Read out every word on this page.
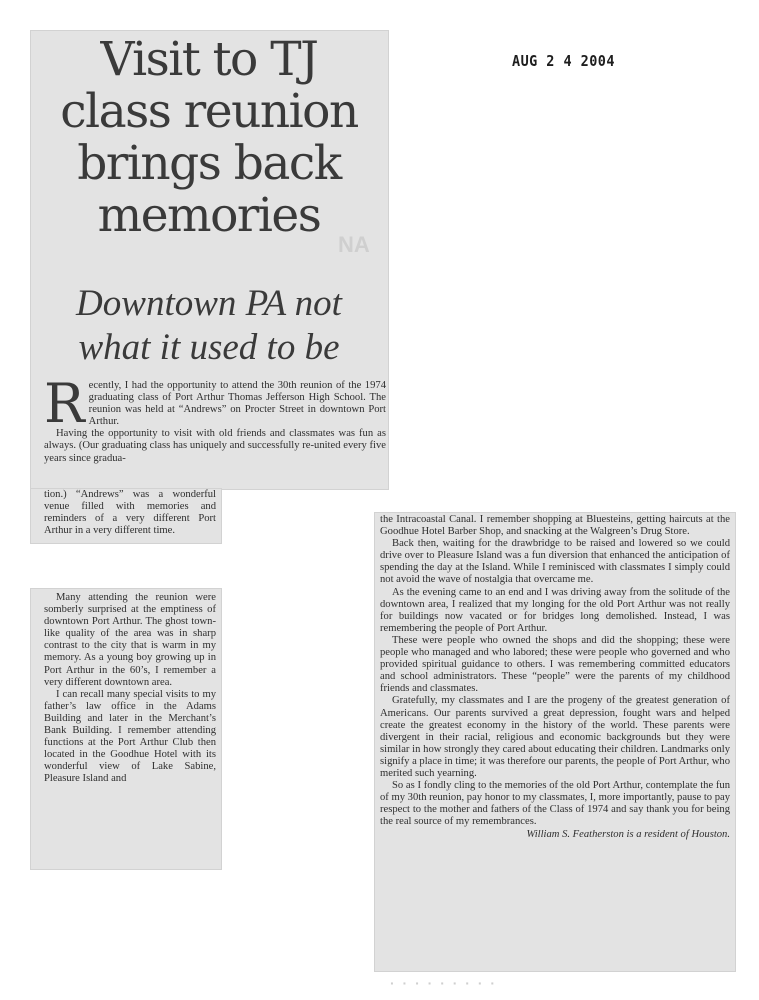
NA
AUG 2 4 2004
Visit to TJ
class reunion
brings back
memories
Downtown PA not
what it used to be

Recently, I had the opportunity to attend the 30th reunion of the 1974 graduating class of Port Arthur Thomas Jefferson High School. The reunion was held at “Andrews” on Procter Street in downtown Port Arthur.

Having the opportunity to visit with old friends and classmates was fun as always. (Our graduating class has uniquely and successfully re-united every five years since gradua-

tion.) “Andrews” was a wonderful venue filled with memories and reminders of a very different Port Arthur in a very different time.

Many attending the reunion were somberly surprised at the emptiness of downtown Port Arthur. The ghost town-like quality of the area was in sharp contrast to the city that is warm in my memory. As a young boy growing up in Port Arthur in the 60’s, I remember a very different downtown area.

I can recall many special visits to my father’s law office in the Adams Building and later in the Merchant’s Bank Building. I remember attending functions at the Port Arthur Club then located in the Goodhue Hotel with its wonderful view of Lake Sabine, Pleasure Island and

the Intracoastal Canal. I remember shopping at Bluesteins, getting haircuts at the Goodhue Hotel Barber Shop, and snacking at the Walgreen’s Drug Store.

Back then, waiting for the drawbridge to be raised and lowered so we could drive over to Pleasure Island was a fun diversion that enhanced the anticipation of spending the day at the Island. While I reminisced with classmates I simply could not avoid the wave of nostalgia that overcame me.

As the evening came to an end and I was driving away from the solitude of the downtown area, I realized that my longing for the old Port Arthur was not really for buildings now vacated or for bridges long demolished. Instead, I was remembering the people of Port Arthur.

These were people who owned the shops and did the shopping; these were people who managed and who labored; these were people who governed and who provided spiritual guidance to others. I was remembering committed educators and school administrators. These “people” were the parents of my childhood friends and classmates.

Gratefully, my classmates and I are the progeny of the greatest generation of Americans. Our parents survived a great depression, fought wars and helped create the greatest economy in the history of the world. These parents were divergent in their racial, religious and economic backgrounds but they were similar in how strongly they cared about educating their children. Landmarks only signify a place in time; it was therefore our parents, the people of Port Arthur, who merited such yearning.

So as I fondly cling to the memories of the old Port Arthur, contemplate the fun of my 30th reunion, pay honor to my classmates, I, more importantly, pause to pay respect to the mother and fathers of the Class of 1974 and say thank you for being the real source of my remembrances.

William S. Featherston is a resident of Houston.

· · · · · · · · ·
